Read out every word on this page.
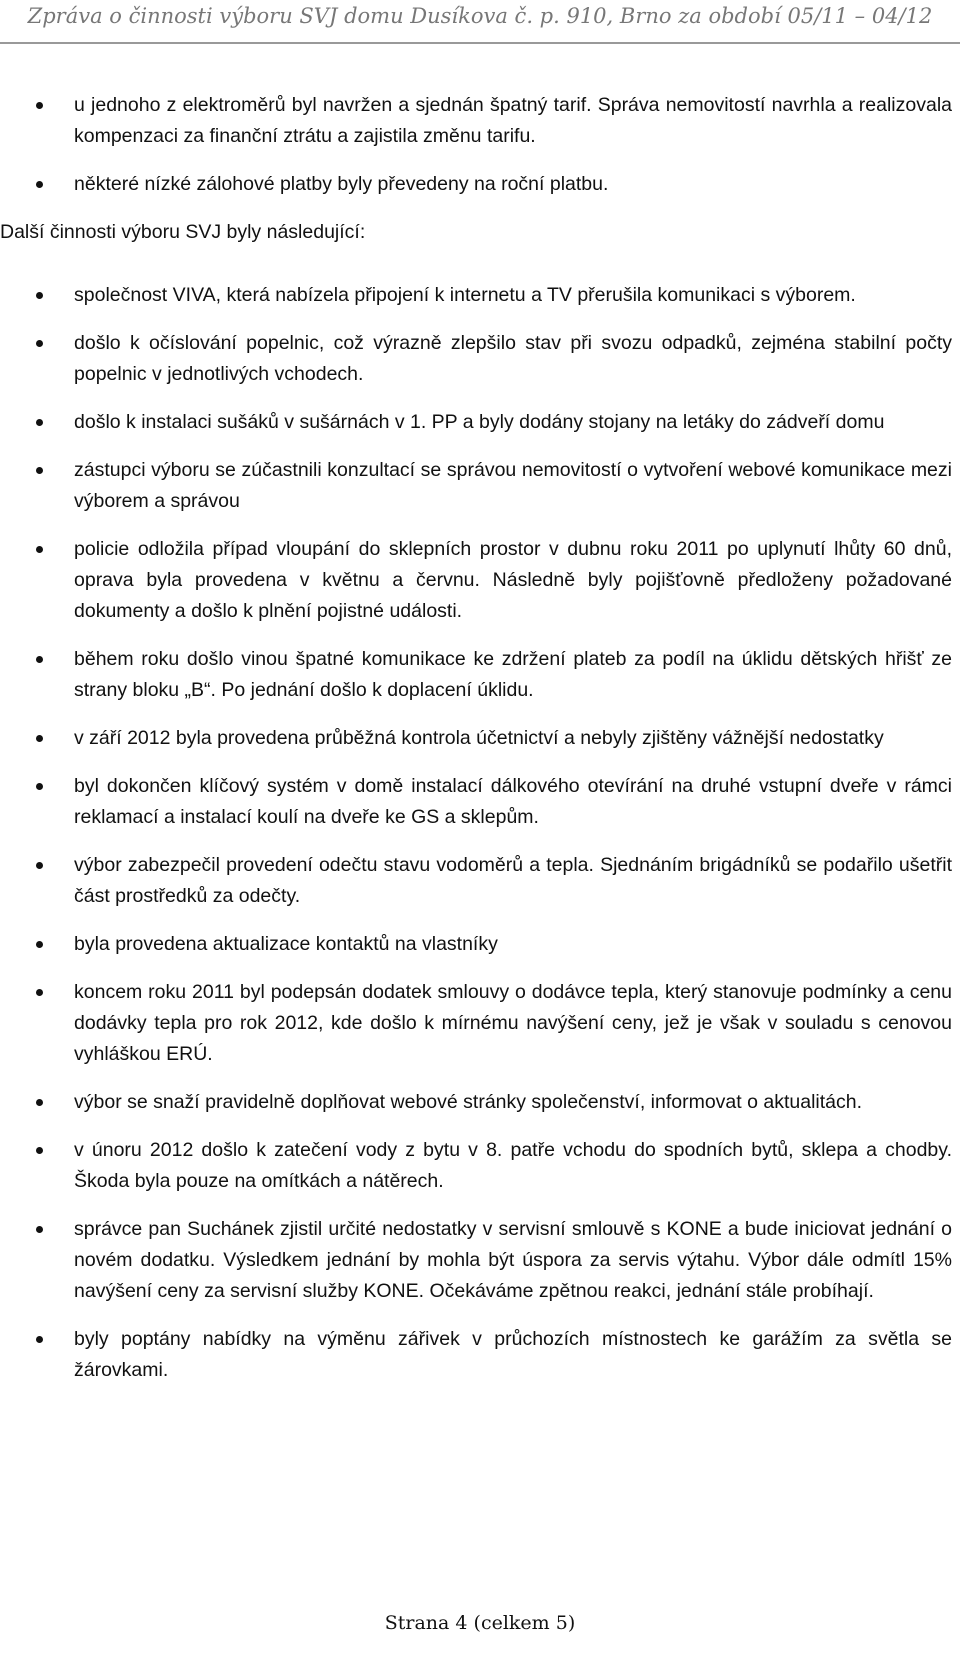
Zpráva o činnosti výboru SVJ domu Dusíkova č. p. 910, Brno za období 05/11 – 04/12
u jednoho z elektroměrů byl navržen a sjednán špatný tarif. Správa nemovitostí navrhla a realizovala kompenzaci za finanční ztrátu a zajistila změnu tarifu.
některé nízké zálohové platby byly převedeny na roční platbu.

Další činnosti výboru SVJ byly následující:

společnost VIVA, která nabízela připojení k internetu a TV přerušila komunikaci s výborem.
došlo k očíslování popelnic, což výrazně zlepšilo stav při svozu odpadků, zejména stabilní počty popelnic v jednotlivých vchodech.
došlo k instalaci sušáků v sušárnách v 1. PP a byly dodány stojany na letáky do zádveří domu
zástupci výboru se zúčastnili konzultací se správou nemovitostí o vytvoření webové komunikace mezi výborem a správou
policie odložila případ vloupání do sklepních prostor v dubnu roku 2011 po uplynutí lhůty 60 dnů, oprava byla provedena v květnu a červnu. Následně byly pojišťovně předloženy požadované dokumenty a došlo k plnění pojistné události.
během roku došlo vinou špatné komunikace ke zdržení plateb za podíl na úklidu dětských hřišť ze strany bloku „B“. Po jednání došlo k doplacení úklidu.
v září 2012 byla provedena průběžná kontrola účetnictví a nebyly zjištěny vážnější nedostatky
byl dokončen klíčový systém v domě instalací dálkového otevírání na druhé vstupní dveře v rámci reklamací a instalací koulí na dveře ke GS a sklepům.
výbor zabezpečil provedení odečtu stavu vodoměrů a tepla. Sjednáním brigádníků se podařilo ušetřit část prostředků za odečty.
byla provedena aktualizace kontaktů na vlastníky
koncem roku 2011 byl podepsán dodatek smlouvy o dodávce tepla, který stanovuje podmínky a cenu dodávky tepla pro rok 2012, kde došlo k mírnému navýšení ceny, jež je však v souladu s cenovou vyhláškou ERÚ.
výbor se snaží pravidelně doplňovat webové stránky společenství, informovat o aktualitách.
v únoru 2012 došlo k zatečení vody z bytu v 8. patře vchodu do spodních bytů, sklepa a chodby. Škoda byla pouze na omítkách a nátěrech.
správce pan Suchánek zjistil určité nedostatky v servisní smlouvě s KONE a bude iniciovat jednání o novém dodatku. Výsledkem jednání by mohla být úspora za servis výtahu. Výbor dále odmítl 15% navýšení ceny za servisní služby KONE. Očekáváme zpětnou reakci, jednání stále probíhají.
byly poptány nabídky na výměnu zářivek v průchozích místnostech ke garážím za světla se žárovkami.
Strana 4 (celkem 5)
